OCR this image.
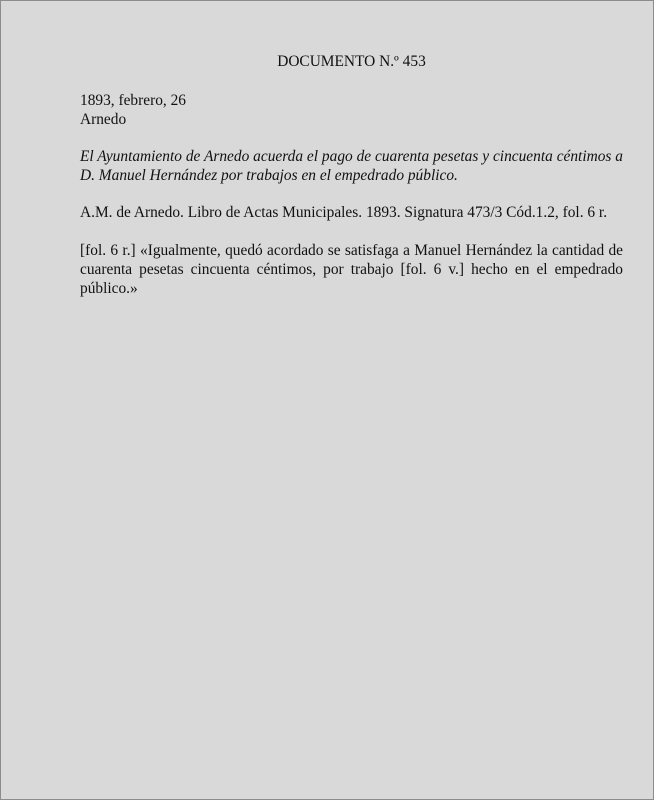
DOCUMENTO N.º 453
1893, febrero, 26
Arnedo
El Ayuntamiento de Arnedo acuerda el pago de cuarenta pesetas y cincuenta céntimos a D. Manuel Hernández por trabajos en el empedrado público.
A.M. de Arnedo. Libro de Actas Municipales. 1893. Signatura 473/3 Cód.1.2, fol. 6 r.
[fol. 6 r.] «Igualmente, quedó acordado se satisfaga a Manuel Hernández la cantidad de cuarenta pesetas cincuenta céntimos, por trabajo [fol. 6 v.] hecho en el empedrado público.»
